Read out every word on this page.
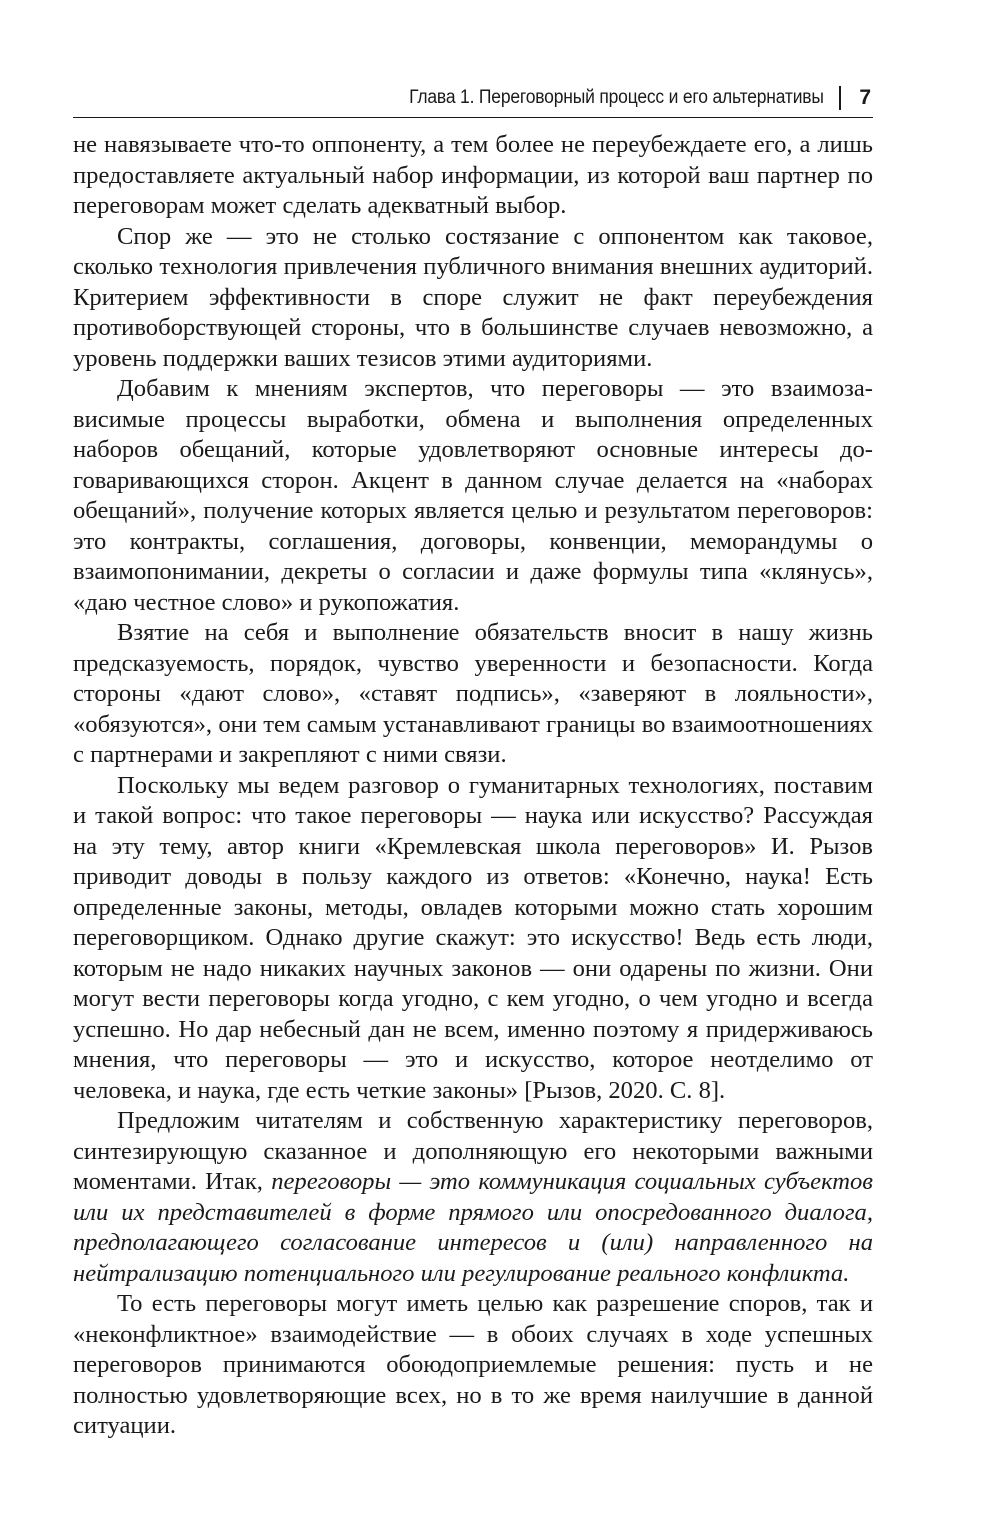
Глава 1. Переговорный процесс и его альтернативы 7

не навязываете что-то оппоненту, а тем более не переубеждаете его, а лишь предоставляете актуальный набор информации, из которой ваш партнер по переговорам может сделать адекватный выбор.

Спор же — это не столько состязание с оппонентом как таковое, сколько технология привлечения публичного внимания внешних аудиторий. Критерием эффективности в споре служит не факт переубеждения противоборствующей стороны, что в большинстве случаев невозможно, а уровень поддержки ваших тезисов этими аудиториями.

Добавим к мнениям экспертов, что переговоры — это взаимозависимые процессы выработки, обмена и выполнения определенных наборов обещаний, которые удовлетворяют основные интересы договаривающихся сторон. Акцент в данном случае делается на «наборах обещаний», получение которых является целью и результатом переговоров: это контракты, соглашения, договоры, конвенции, меморандумы о взаимопонимании, декреты о согласии и даже формулы типа «клянусь», «даю честное слово» и рукопожатия.

Взятие на себя и выполнение обязательств вносит в нашу жизнь предсказуемость, порядок, чувство уверенности и безопасности. Когда стороны «дают слово», «ставят подпись», «заверяют в лояльности», «обязуются», они тем самым устанавливают границы во взаимоотношениях с партнерами и закрепляют с ними связи.

Поскольку мы ведем разговор о гуманитарных технологиях, поставим и такой вопрос: что такое переговоры — наука или искусство? Рассуждая на эту тему, автор книги «Кремлевская школа переговоров» И. Рызов приводит доводы в пользу каждого из ответов: «Конечно, наука! Есть определенные законы, методы, овладев которыми можно стать хорошим переговорщиком. Однако другие скажут: это искусство! Ведь есть люди, которым не надо никаких научных законов — они одарены по жизни. Они могут вести переговоры когда угодно, с кем угодно, о чем угодно и всегда успешно. Но дар небесный дан не всем, именно поэтому я придерживаюсь мнения, что переговоры — это и искусство, которое неотделимо от человека, и наука, где есть четкие законы» [Рызов, 2020. С. 8].

Предложим читателям и собственную характеристику переговоров, синтезирующую сказанное и дополняющую его некоторыми важными моментами. Итак, переговоры — это коммуникация социальных субъектов или их представителей в форме прямого или опосредованного диалога, предполагающего согласование интересов и (или) направленного на нейтрализацию потенциального или регулирование реального конфликта.

То есть переговоры могут иметь целью как разрешение споров, так и «неконфликтное» взаимодействие — в обоих случаях в ходе успешных переговоров принимаются обоюдоприемлемые решения: пусть и не полностью удовлетворяющие всех, но в то же время наилучшие в данной ситуации.
